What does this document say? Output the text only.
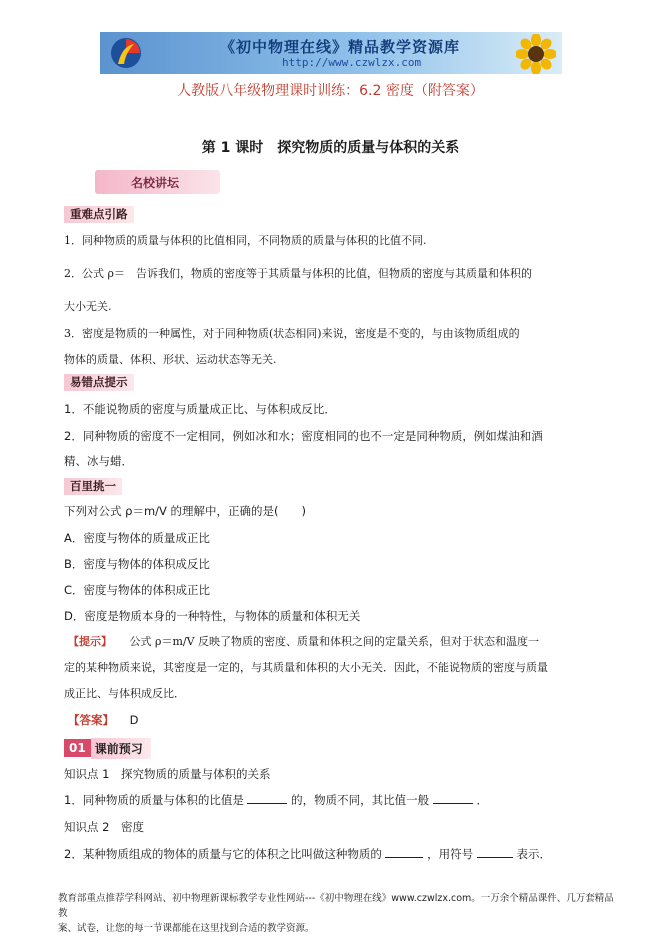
《初中物理在线》精品教学资源库
http://www.czwlzx.com
人教版八年级物理课时训练：6.2 密度（附答案）
第 1 课时　探究物质的质量与体积的关系
名校讲坛
重难点引路
1．同种物质的质量与体积的比值相同，不同物质的质量与体积的比值不同.
2．公式 ρ＝　告诉我们，物质的密度等于其质量与体积的比值，但物质的密度与其质量和体积的
大小无关.
3．密度是物质的一种属性，对于同种物质(状态相同)来说，密度是不变的，与由该物质组成的
物体的质量、体积、形状、运动状态等无关.
易错点提示
1．不能说物质的密度与质量成正比、与体积成反比．
2．同种物质的密度不一定相同，例如冰和水；密度相同的也不一定是同种物质，例如煤油和酒
精、冰与蜡．
百里挑一
下列对公式 ρ＝m/V 的理解中，正确的是(　　)
A．密度与物体的质量成正比
B．密度与物体的体积成反比
C．密度与物体的体积成正比
D．密度是物质本身的一种特性，与物体的质量和体积无关
【提示】 公式 ρ＝m/V 反映了物质的密度、质量和体积之间的定量关系，但对于状态和温度一
定的某种物质来说，其密度是一定的，与其质量和体积的大小无关．因此，不能说物质的密度与质量
成正比、与体积成反比．
【答案】 D
01 课前预习
知识点 1　探究物质的质量与体积的关系
1．同种物质的质量与体积的比值是	的，物质不同，其比值一般	．
知识点 2　密度
2．某种物质组成的物体的质量与它的体积之比叫做这种物质的	，用符号	表示．
教育部重点推荐学科网站、初中物理新课标教学专业性网站---《初中物理在线》www.czwlzx.com。一万余个精品课件、几万套精品教
案、试卷，让您的每一节课都能在这里找到合适的教学资源。
